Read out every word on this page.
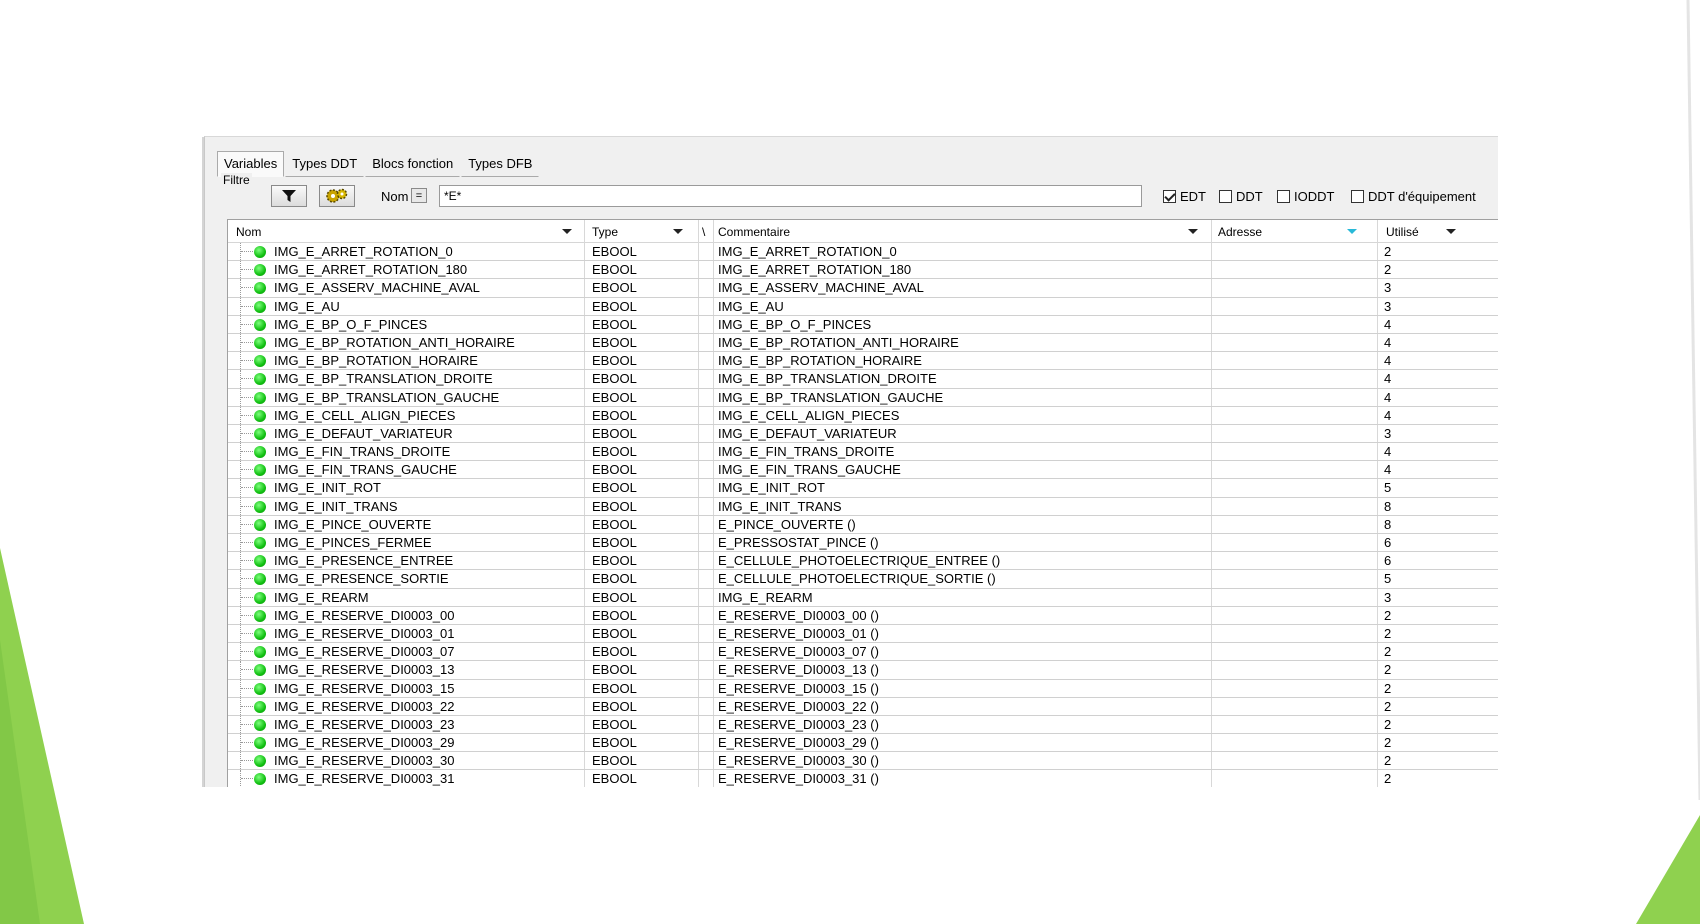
Variables	Types DDT	Blocs fonction	Types DFB
Filtre
Nom =
*E*	EDT DDT IODDT	DDT d'équipement
Nom	Type	\ Commentaire	Adresse	Utilisé
IMG_E_ARRET_ROTATION_0	EBOOL	IMG_E_ARRET_ROTATION_0	2
IMG_E_ARRET_ROTATION_180	EBOOL	IMG_E_ARRET_ROTATION_180	2
IMG_E_ASSERV_MACHINE_AVAL	EBOOL	IMG_E_ASSERV_MACHINE_AVAL	3
IMG_E_AU	EBOOL	IMG_E_AU	3
IMG_E_BP_O_F_PINCES	EBOOL	IMG_E_BP_O_F_PINCES	4
IMG_E_BP_ROTATION_ANTI_HORAIRE	EBOOL	IMG_E_BP_ROTATION_ANTI_HORAIRE	4
IMG_E_BP_ROTATION_HORAIRE	EBOOL	IMG_E_BP_ROTATION_HORAIRE	4
IMG_E_BP_TRANSLATION_DROITE	EBOOL	IMG_E_BP_TRANSLATION_DROITE	4
IMG_E_BP_TRANSLATION_GAUCHE	EBOOL	IMG_E_BP_TRANSLATION_GAUCHE	4
IMG_E_CELL_ALIGN_PIECES	EBOOL	IMG_E_CELL_ALIGN_PIECES	4
IMG_E_DEFAUT_VARIATEUR	EBOOL	IMG_E_DEFAUT_VARIATEUR	3
IMG_E_FIN_TRANS_DROITE	EBOOL	IMG_E_FIN_TRANS_DROITE	4
IMG_E_FIN_TRANS_GAUCHE	EBOOL	IMG_E_FIN_TRANS_GAUCHE	4
IMG_E_INIT_ROT	EBOOL	IMG_E_INIT_ROT	5
IMG_E_INIT_TRANS	EBOOL	IMG_E_INIT_TRANS	8
IMG_E_PINCE_OUVERTE	EBOOL	E_PINCE_OUVERTE ()	8
IMG_E_PINCES_FERMEE	EBOOL	E_PRESSOSTAT_PINCE ()	6
IMG_E_PRESENCE_ENTREE	EBOOL	E_CELLULE_PHOTOELECTRIQUE_ENTREE ()	6
IMG_E_PRESENCE_SORTIE	EBOOL	E_CELLULE_PHOTOELECTRIQUE_SORTIE ()	5
IMG_E_REARM	EBOOL	IMG_E_REARM	3
IMG_E_RESERVE_DI0003_00	EBOOL	E_RESERVE_DI0003_00 ()	2
IMG_E_RESERVE_DI0003_01	EBOOL	E_RESERVE_DI0003_01 ()	2
IMG_E_RESERVE_DI0003_07	EBOOL	E_RESERVE_DI0003_07 ()	2
IMG_E_RESERVE_DI0003_13	EBOOL	E_RESERVE_DI0003_13 ()	2
IMG_E_RESERVE_DI0003_15	EBOOL	E_RESERVE_DI0003_15 ()	2
IMG_E_RESERVE_DI0003_22	EBOOL	E_RESERVE_DI0003_22 ()	2
IMG_E_RESERVE_DI0003_23	EBOOL	E_RESERVE_DI0003_23 ()	2
IMG_E_RESERVE_DI0003_29	EBOOL	E_RESERVE_DI0003_29 ()	2
IMG_E_RESERVE_DI0003_30	EBOOL	E_RESERVE_DI0003_30 ()	2
IMG_E_RESERVE_DI0003_31	EBOOL	E_RESERVE_DI0003_31 ()	2
